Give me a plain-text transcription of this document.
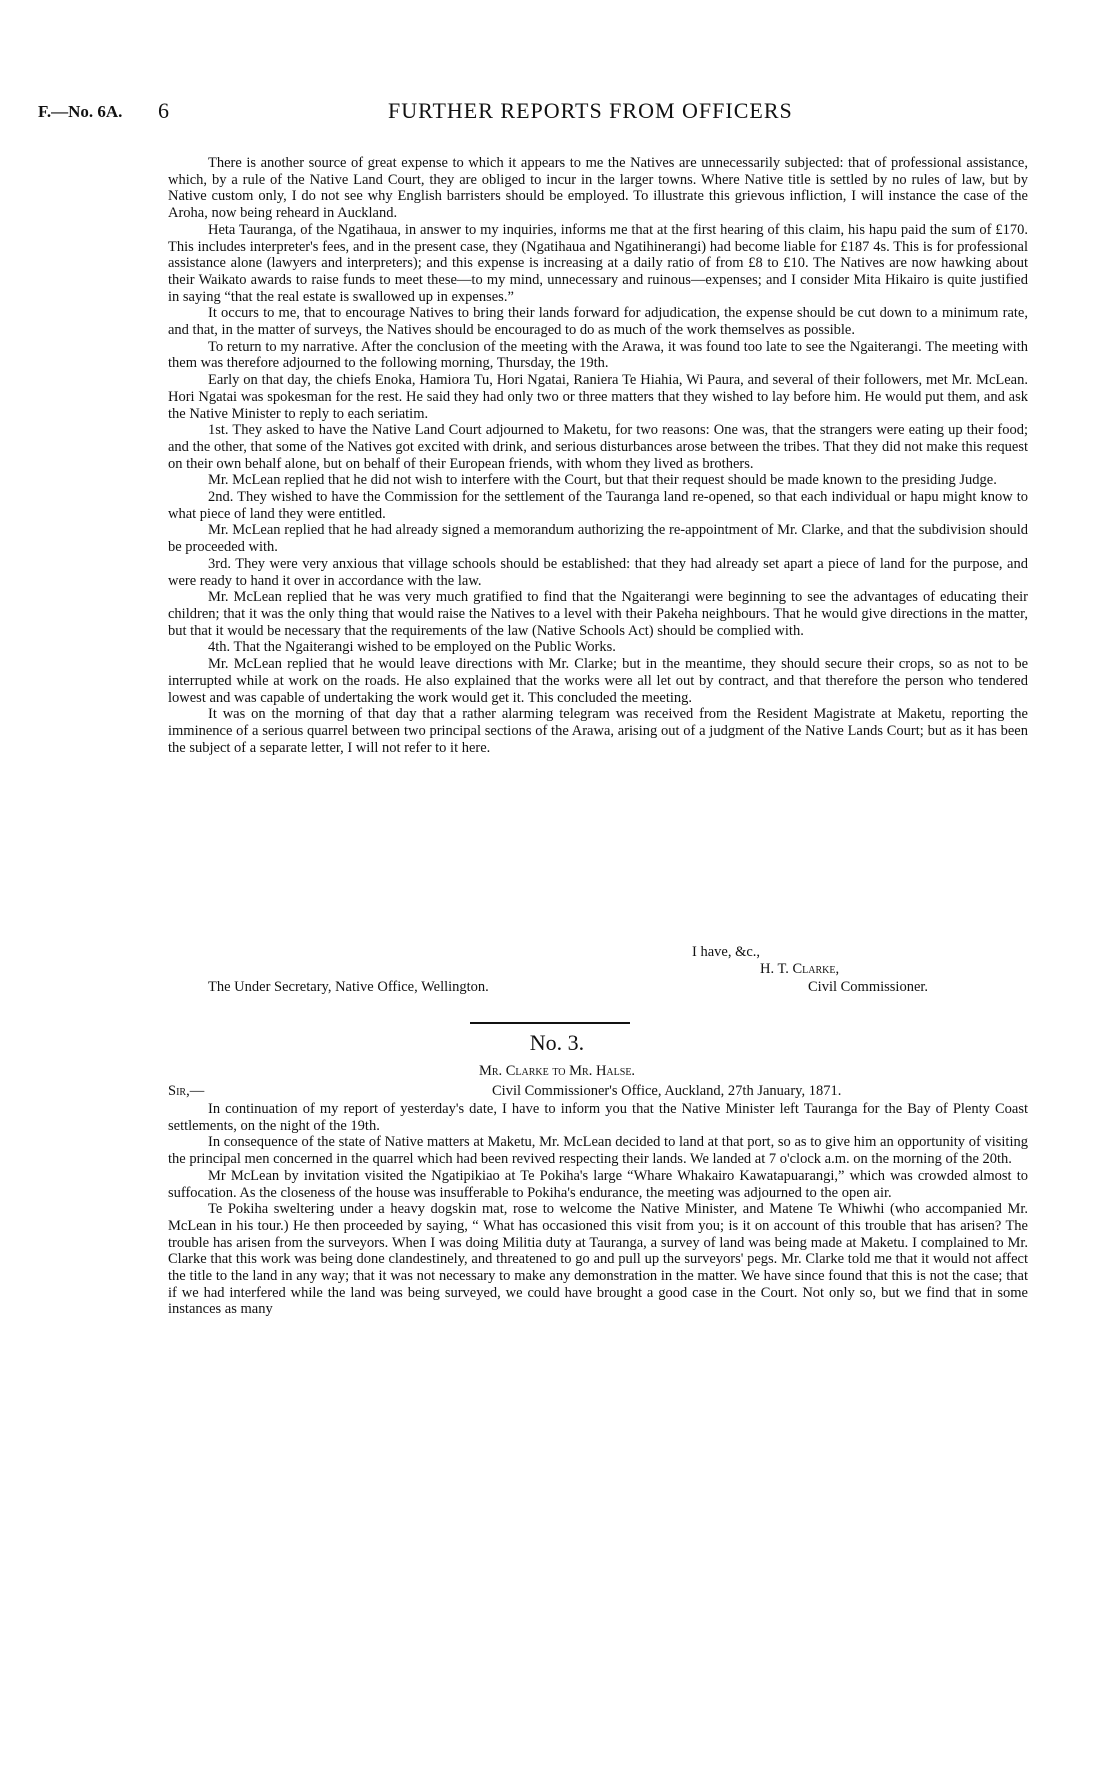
F.—No. 6A. 6	FURTHER REPORTS FROM OFFICERS

There is another source of great expense to which it appears to me the Natives are unnecessarily subjected: that of professional assistance, which, by a rule of the Native Land Court, they are obliged to incur in the larger towns. Where Native title is settled by no rules of law, but by Native custom only, I do not see why English barristers should be employed. To illustrate this grievous infliction, I will instance the case of the Aroha, now being reheard in Auckland.

Heta Tauranga, of the Ngatihaua, in answer to my inquiries, informs me that at the first hearing of this claim, his hapu paid the sum of £170. This includes interpreter's fees, and in the present case, they (Ngatihaua and Ngatihinerangi) had become liable for £187 4s. This is for professional assistance alone (lawyers and interpreters); and this expense is increasing at a daily ratio of from £8 to £10. The Natives are now hawking about their Waikato awards to raise funds to meet these—to my mind, unnecessary and ruinous—expenses; and I consider Mita Hikairo is quite justified in saying “that the real estate is swallowed up in expenses.”

It occurs to me, that to encourage Natives to bring their lands forward for adjudication, the expense should be cut down to a minimum rate, and that, in the matter of surveys, the Natives should be encouraged to do as much of the work themselves as possible.

To return to my narrative. After the conclusion of the meeting with the Arawa, it was found too late to see the Ngaiterangi. The meeting with them was therefore adjourned to the following morning, Thursday, the 19th.

Early on that day, the chiefs Enoka, Hamiora Tu, Hori Ngatai, Raniera Te Hiahia, Wi Paura, and several of their followers, met Mr. McLean. Hori Ngatai was spokesman for the rest. He said they had only two or three matters that they wished to lay before him. He would put them, and ask the Native Minister to reply to each seriatim.

1st. They asked to have the Native Land Court adjourned to Maketu, for two reasons: One was, that the strangers were eating up their food; and the other, that some of the Natives got excited with drink, and serious disturbances arose between the tribes. That they did not make this request on their own behalf alone, but on behalf of their European friends, with whom they lived as brothers.

Mr. McLean replied that he did not wish to interfere with the Court, but that their request should be made known to the presiding Judge.

2nd. They wished to have the Commission for the settlement of the Tauranga land re-opened, so that each individual or hapu might know to what piece of land they were entitled.

Mr. McLean replied that he had already signed a memorandum authorizing the re-appointment of Mr. Clarke, and that the subdivision should be proceeded with.

3rd. They were very anxious that village schools should be established: that they had already set apart a piece of land for the purpose, and were ready to hand it over in accordance with the law.

Mr. McLean replied that he was very much gratified to find that the Ngaiterangi were beginning to see the advantages of educating their children; that it was the only thing that would raise the Natives to a level with their Pakeha neighbours. That he would give directions in the matter, but that it would be necessary that the requirements of the law (Native Schools Act) should be complied with.

4th. That the Ngaiterangi wished to be employed on the Public Works.

Mr. McLean replied that he would leave directions with Mr. Clarke; but in the meantime, they should secure their crops, so as not to be interrupted while at work on the roads. He also explained that the works were all let out by contract, and that therefore the person who tendered lowest and was capable of undertaking the work would get it. This concluded the meeting.

It was on the morning of that day that a rather alarming telegram was received from the Resident Magistrate at Maketu, reporting the imminence of a serious quarrel between two principal sections of the Arawa, arising out of a judgment of the Native Lands Court; but as it has been the subject of a separate letter, I will not refer to it here.

I have, &c.,
H. T. Clarke,
Civil Commissioner.
The Under Secretary, Native Office, Wellington.
No. 3.
Mr. Clarke to Mr. Halse.
Sir,—	Civil Commissioner's Office, Auckland, 27th January, 1871.

In continuation of my report of yesterday's date, I have to inform you that the Native Minister left Tauranga for the Bay of Plenty Coast settlements, on the night of the 19th.

In consequence of the state of Native matters at Maketu, Mr. McLean decided to land at that port, so as to give him an opportunity of visiting the principal men concerned in the quarrel which had been revived respecting their lands. We landed at 7 o'clock a.m. on the morning of the 20th.

Mr McLean by invitation visited the Ngatipikiao at Te Pokiha's large “Whare Whakairo Kawatapuarangi,” which was crowded almost to suffocation. As the closeness of the house was insufferable to Pokiha's endurance, the meeting was adjourned to the open air.

Te Pokiha sweltering under a heavy dogskin mat, rose to welcome the Native Minister, and Matene Te Whiwhi (who accompanied Mr. McLean in his tour.) He then proceeded by saying, “ What has occasioned this visit from you; is it on account of this trouble that has arisen? The trouble has arisen from the surveyors. When I was doing Militia duty at Tauranga, a survey of land was being made at Maketu. I complained to Mr. Clarke that this work was being done clandestinely, and threatened to go and pull up the surveyors' pegs. Mr. Clarke told me that it would not affect the title to the land in any way; that it was not necessary to make any demonstration in the matter. We have since found that this is not the case; that if we had interfered while the land was being surveyed, we could have brought a good case in the Court. Not only so, but we find that in some instances as many
